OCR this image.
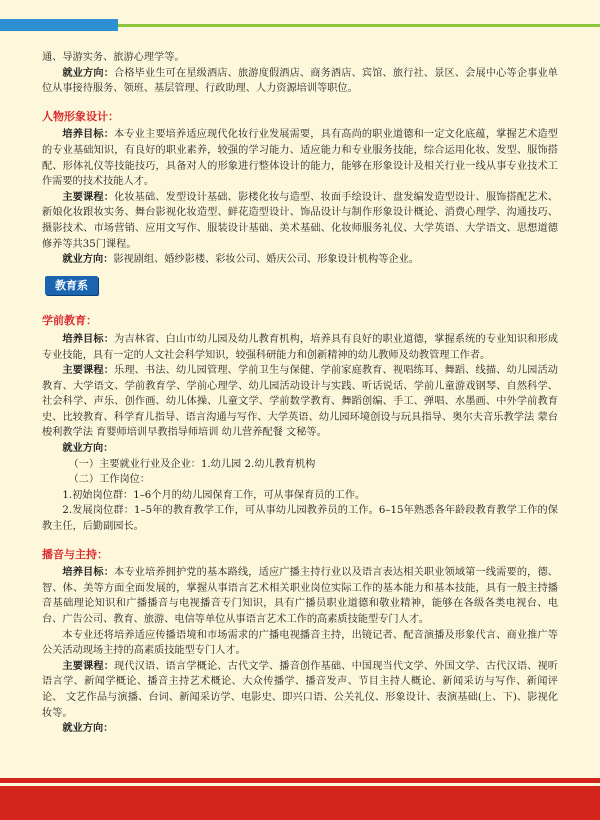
通、导游实务、旅游心理学等。

就业方向：合格毕业生可在星级酒店、旅游度假酒店、商务酒店、宾馆、旅行社、景区、会展中心等企事业单位从事接待服务、领班、基层管理、行政助理、人力资源培训等职位。

人物形象设计：

培养目标：本专业主要培养适应现代化妆行业发展需要，具有高尚的职业道德和一定文化底蕴，掌握艺术造型的专业基础知识，有良好的职业素养，较强的学习能力、适应能力和专业服务技能，综合运用化妆、发型、服饰搭配、形体礼仪等技能技巧，具备对人的形象进行整体设计的能力，能够在形象设计及相关行业一线从事专业技术工作需要的技术技能人才。

主要课程：化妆基础、发型设计基础、影楼化妆与造型、妆面手绘设计、盘发编发造型设计、服饰搭配艺术、新娘化妆跟妆实务、舞台影视化妆造型、鲜花造型设计、饰品设计与制作形象设计概论、消费心理学、沟通技巧、摄影技术、市场营销、应用文写作、服装设计基础、美术基础、化妆师服务礼仪、大学英语、大学语文、思想道德修养等共35门课程。

就业方向：影视剧组、婚纱影楼、彩妆公司、婚庆公司、形象设计机构等企业。

教育系
学前教育：

培养目标：为吉林省、白山市幼儿园及幼儿教育机构，培养具有良好的职业道德，掌握系统的专业知识和形成专业技能，具有一定的人文社会科学知识，较强科研能力和创新精神的幼儿教师及幼教管理工作者。

主要课程：乐理、书法、幼儿园管理、学前卫生与保健、学前家庭教育、视唱练耳、舞蹈、线描、幼儿园活动教育、大学语文、学前教育学、学前心理学、幼儿园活动设计与实践、听话说话、学前儿童游戏钢琴、自然科学、社会科学、声乐、创作画、幼儿体操、儿童文学、学前数学教育、舞蹈创编、手工、弹唱、水墨画、中外学前教育史、比较教育、科学育儿指导、语言沟通与写作、大学英语、幼儿园环境创设与玩具指导、奥尔夫音乐教学法 蒙台梭利教学法 育婴师培训早教指导师培训 幼儿营养配餐 文秘等。

就业方向：

（一）主要就业行业及企业：1.幼儿园 2.幼儿教育机构

（二）工作岗位：

1.初始岗位群：1–6个月的幼儿园保育工作，可从事保育员的工作。

2.发展岗位群：1–5年的教育教学工作，可从事幼儿园教养员的工作。6–15年熟悉各年龄段教育教学工作的保教主任，后勤副园长。

播音与主持：

培养目标：本专业培养拥护党的基本路线，适应广播主持行业以及语言表达相关职业领域第一线需要的，德、智、体、美等方面全面发展的，掌握从事语言艺术相关职业岗位实际工作的基本能力和基本技能，具有一般主持播音基础理论知识和广播播音与电视播音专门知识，具有广播员职业道德和敬业精神，能够在各级各类电视台、电台、广告公司、教育、旅游、电信等单位从事语言艺术工作的高素质技能型专门人才。

本专业还将培养适应传播语境和市场需求的广播电视播音主持，出镜记者、配音演播及形象代言、商业推广等公关活动现场主持的高素质技能型专门人才。

主要课程：现代汉语、语言学概论、古代文学、播音创作基础、中国现当代文学、外国文学、古代汉语、视听语言学、新闻学概论、播音主持艺术概论、大众传播学、播音发声、节目主持人概论、新闻采访与写作、新闻评论、 文艺作品与演播、台词、新闻采访学、电影史、即兴口语、公关礼仪、形象设计、表演基础(上、下)、影视化妆等。

就业方向：
